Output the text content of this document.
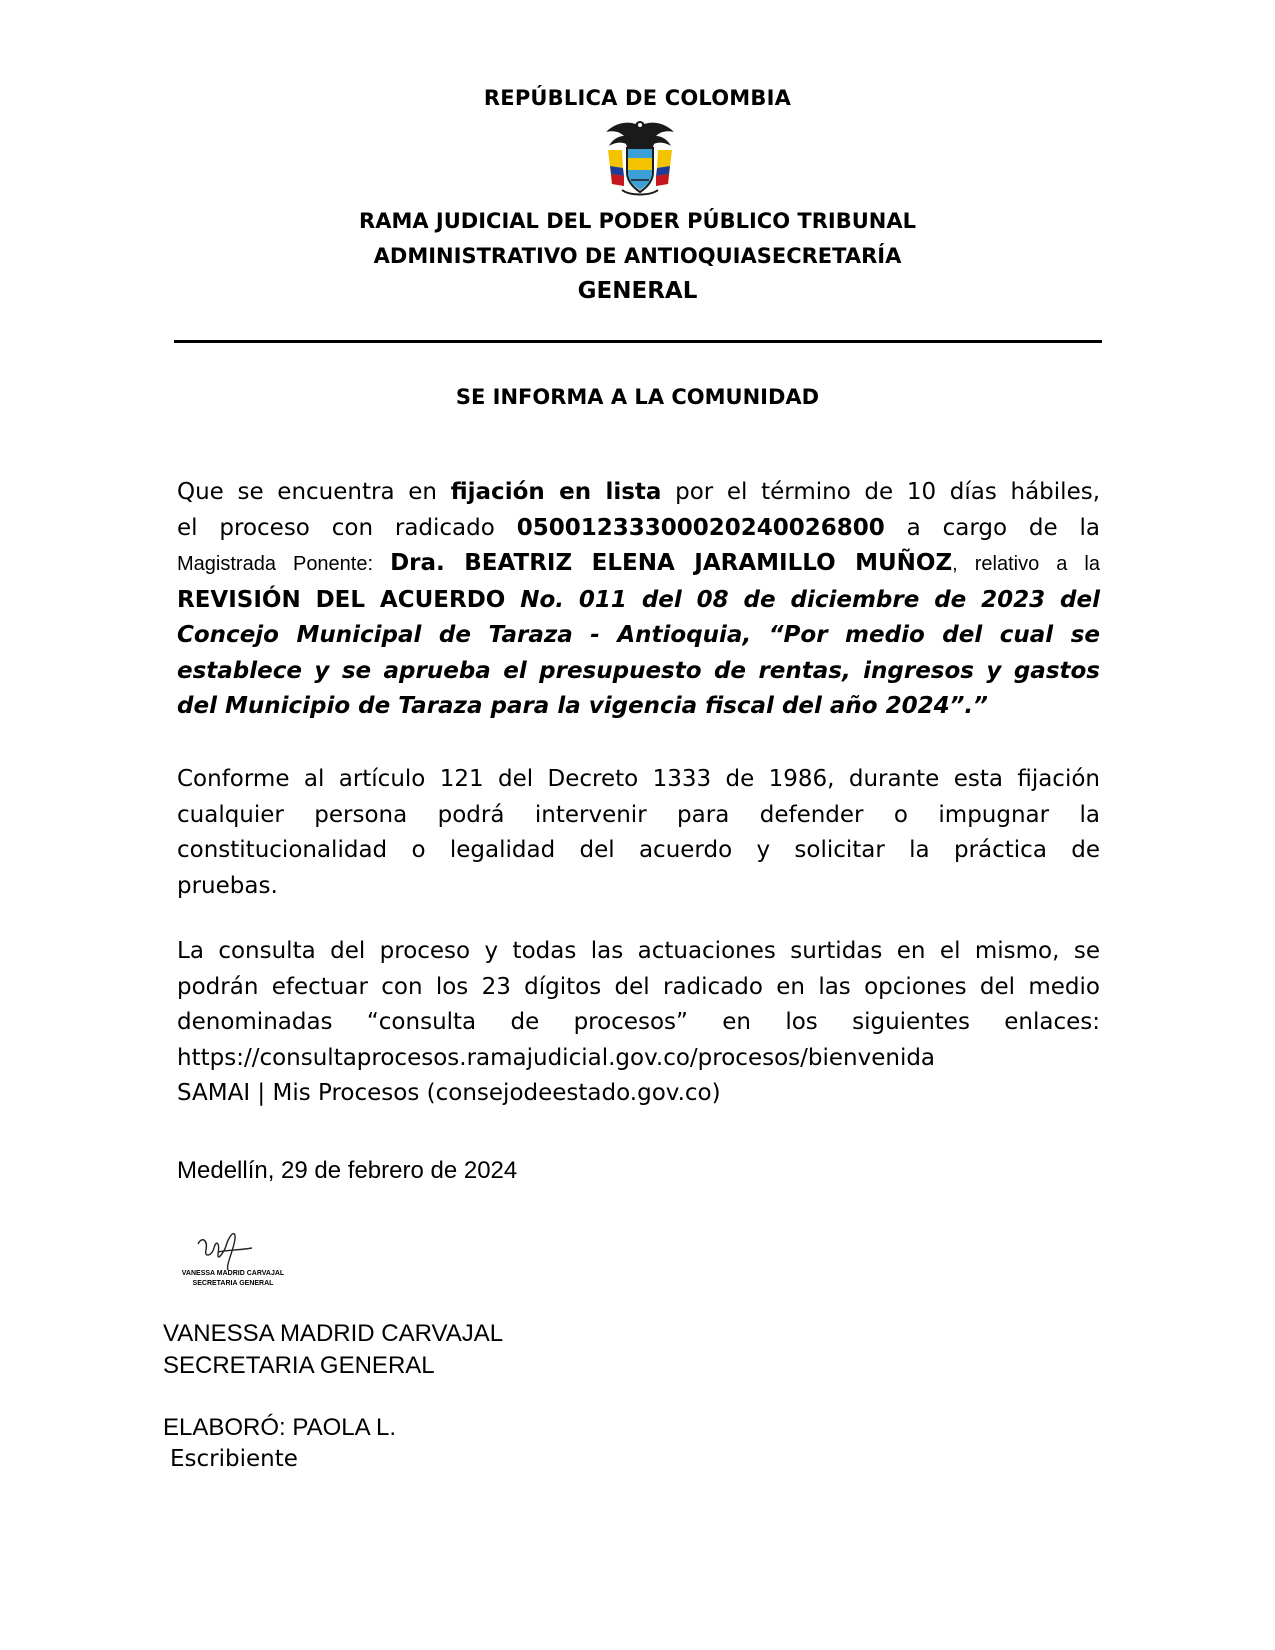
REPÚBLICA DE COLOMBIA
RAMA JUDICIAL DEL PODER PÚBLICO TRIBUNAL
ADMINISTRATIVO DE ANTIOQUIASECRETARÍA
GENERAL
SE INFORMA A LA COMUNIDAD
Que se encuentra en fijación en lista por el término de 10 días hábiles,
el proceso con radicado 05001233300020240026800 a cargo de la
Magistrada Ponente: Dra. BEATRIZ ELENA JARAMILLO MUÑOZ, relativo a la
REVISIÓN DEL ACUERDO No. 011 del 08 de diciembre de 2023 del
Concejo Municipal de Taraza - Antioquia, “Por medio del cual se
establece y se aprueba el presupuesto de rentas, ingresos y gastos
del Municipio de Taraza para la vigencia fiscal del año 2024”.”
Conforme al artículo 121 del Decreto 1333 de 1986, durante esta fijación
cualquier persona podrá intervenir para defender o impugnar la
constitucionalidad o legalidad del acuerdo y solicitar la práctica de
pruebas.
La consulta del proceso y todas las actuaciones surtidas en el mismo, se
podrán efectuar con los 23 dígitos del radicado en las opciones del medio
denominadas “consulta de procesos” en los siguientes enlaces:
https://consultaprocesos.ramajudicial.gov.co/procesos/bienvenida
SAMAI | Mis Procesos (consejodeestado.gov.co)
Medellín, 29 de febrero de 2024
VANESSA MADRID CARVAJAL
SECRETARIA GENERAL
VANESSA MADRID CARVAJAL
SECRETARIA GENERAL
ELABORÓ: PAOLA L.
Escribiente
